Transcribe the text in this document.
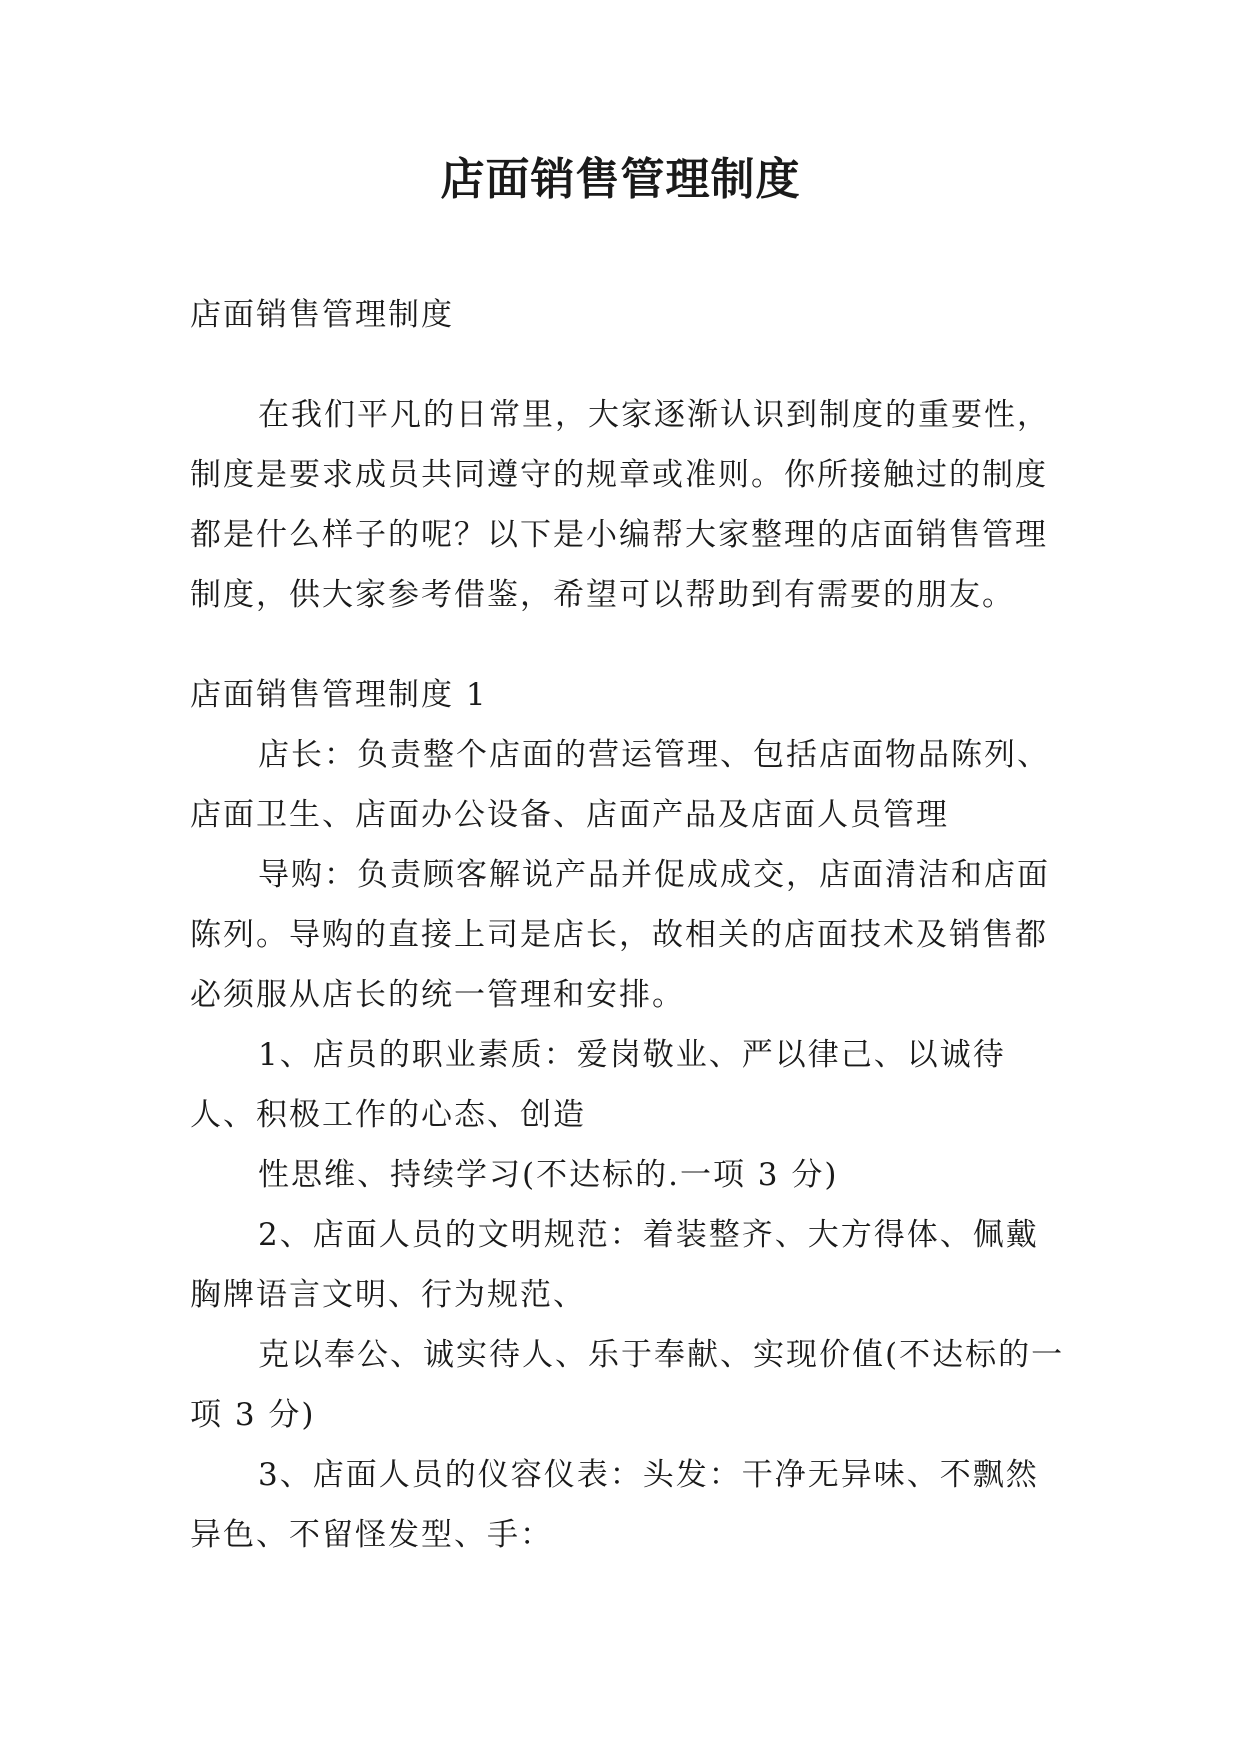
店面销售管理制度

店面销售管理制度

在我们平凡的日常里，大家逐渐认识到制度的重要性，制度是要求成员共同遵守的规章或准则。你所接触过的制度都是什么样子的呢？以下是小编帮大家整理的店面销售管理制度，供大家参考借鉴，希望可以帮助到有需要的朋友。

店面销售管理制度 1

店长：负责整个店面的营运管理、包括店面物品陈列、店面卫生、店面办公设备、店面产品及店面人员管理

导购：负责顾客解说产品并促成成交，店面清洁和店面陈列。导购的直接上司是店长，故相关的店面技术及销售都必须服从店长的统一管理和安排。

1、店员的职业素质：爱岗敬业、严以律己、以诚待人、积极工作的心态、创造

性思维、持续学习(不达标的.一项 3 分)

2、店面人员的文明规范：着装整齐、大方得体、佩戴胸牌语言文明、行为规范、

克以奉公、诚实待人、乐于奉献、实现价值(不达标的一项 3 分)

3、店面人员的仪容仪表：头发：干净无异味、不飘然异色、不留怪发型、手：
